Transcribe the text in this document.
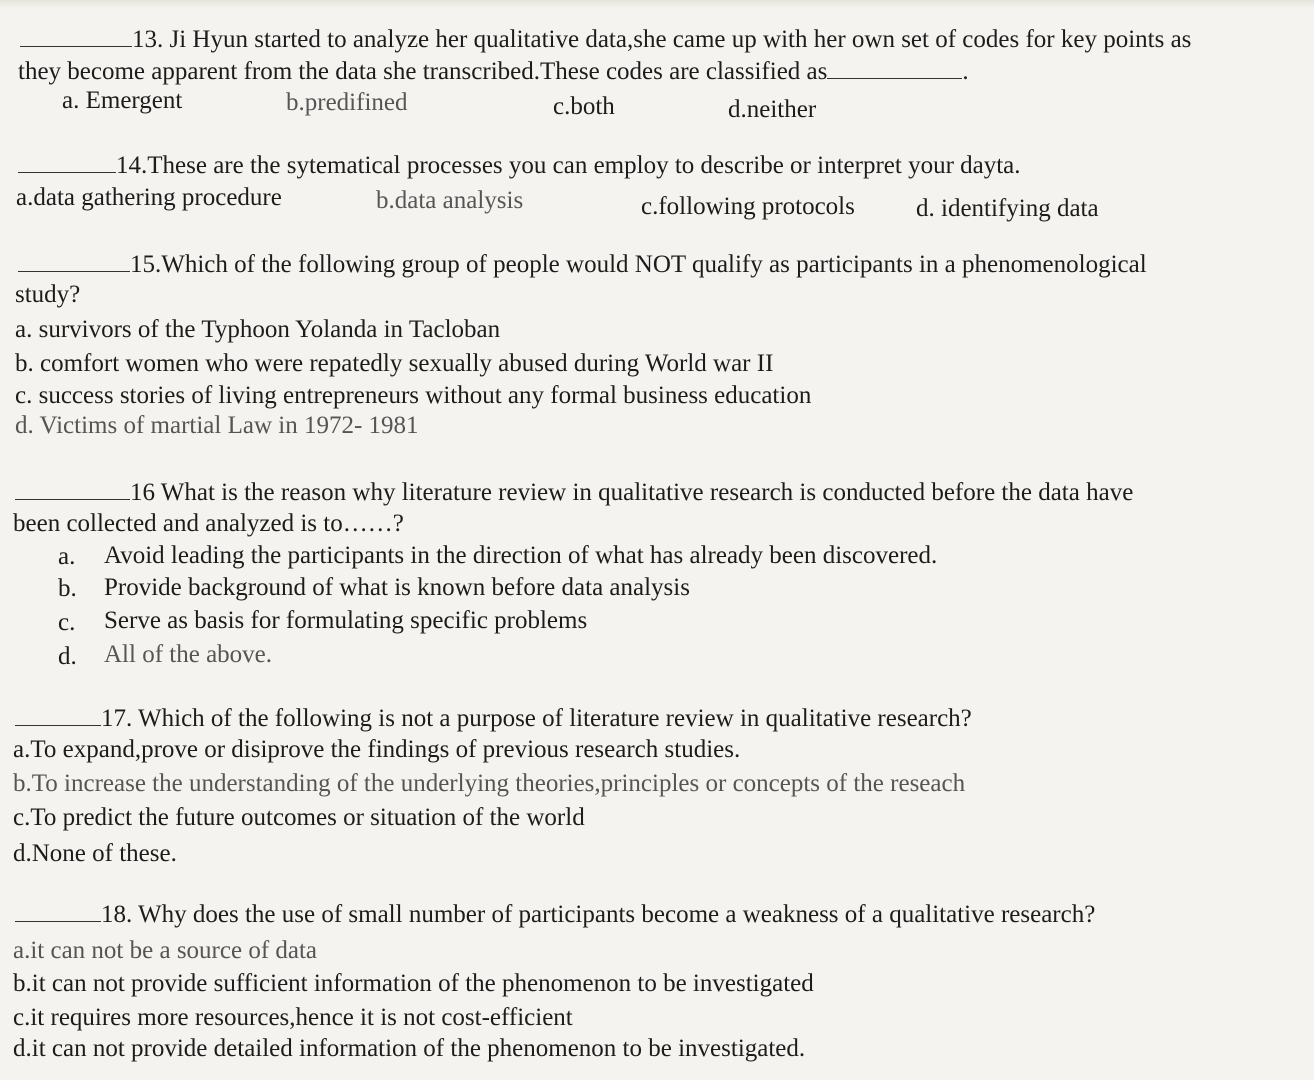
13. Ji Hyun started to analyze her qualitative data,she came up with her own set of codes for key points as
they become apparent from the data she transcribed.These codes are classified as	.
a. Emergent	b.predifined	c.both	d.neither
14.These are the sytematical processes you can employ to describe or interpret your dayta.
a.data gathering procedure	b.data analysis	c.following protocols d. identifying data
15.Which of the following group of people would NOT qualify as participants in a phenomenological
study?
a. survivors of the Typhoon Yolanda in Tacloban
b. comfort women who were repatedly sexually abused during World war II
c. success stories of living entrepreneurs without any formal business education
d. Victims of martial Law in 1972- 1981
16 What is the reason why literature review in qualitative research is conducted before the data have
been collected and analyzed is to……?
a. Avoid leading the participants in the direction of what has already been discovered.
b. Provide background of what is known before data analysis
c. Serve as basis for formulating specific problems
d. All of the above.
17. Which of the following is not a purpose of literature review in qualitative research?
a.To expand,prove or disiprove the findings of previous research studies.
b.To increase the understanding of the underlying theories,principles or concepts of the reseach
c.To predict the future outcomes or situation of the world
d.None of these.
18. Why does the use of small number of participants become a weakness of a qualitative research?
a.it can not be a source of data
b.it can not provide sufficient information of the phenomenon to be investigated
c.it requires more resources,hence it is not cost-efficient
d.it can not provide detailed information of the phenomenon to be investigated.
